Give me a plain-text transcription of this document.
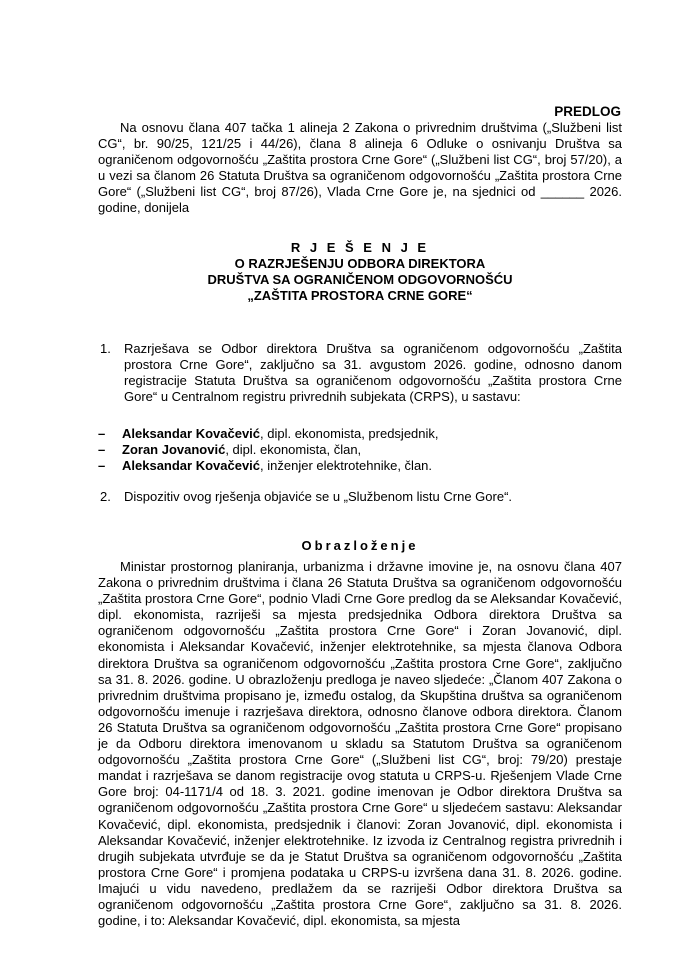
PREDLOG

Na osnovu člana 407 tačka 1 alineja 2 Zakona o privrednim društvima („Službeni list CG“, br. 90/25, 121/25 i 44/26), člana 8 alineja 6 Odluke o osnivanju Društva sa ograničenom odgovornošću „Zaštita prostora Crne Gore“ („Službeni list CG“, broj 57/20), a u vezi sa članom 26 Statuta Društva sa ograničenom odgovornošću „Zaštita prostora Crne Gore“ („Službeni list CG“, broj 87/26), Vlada Crne Gore je, na sjednici od ______ 2026. godine, donijela

R J E Š E N J E
O RAZRJEŠENJU ODBORA DIREKTORA
DRUŠTVA SA OGRANIČENOM ODGOVORNOŠĆU
„ZAŠTITA PROSTORA CRNE GORE“
1. Razrješava se Odbor direktora Društva sa ograničenom odgovornošću „Zaštita prostora Crne Gore“, zaključno sa 31. avgustom 2026. godine, odnosno danom registracije Statuta Društva sa ograničenom odgovornošću „Zaštita prostora Crne Gore“ u Centralnom registru privrednih subjekata (CRPS), u sastavu:
– Aleksandar Kovačević, dipl. ekonomista, predsjednik,
– Zoran Jovanović, dipl. ekonomista, član,
– Aleksandar Kovačević, inženjer elektrotehnike, član.
2. Dispozitiv ovog rješenja objaviće se u „Službenom listu Crne Gore“.
Obrazloženje

Ministar prostornog planiranja, urbanizma i državne imovine je, na osnovu člana 407 Zakona o privrednim društvima i člana 26 Statuta Društva sa ograničenom odgovornošću „Zaštita prostora Crne Gore“, podnio Vladi Crne Gore predlog da se Aleksandar Kovačević, dipl. ekonomista, razriješi sa mjesta predsjednika Odbora direktora Društva sa ograničenom odgovornošću „Zaštita prostora Crne Gore“ i Zoran Jovanović, dipl. ekonomista i Aleksandar Kovačević, inženjer elektrotehnike, sa mjesta članova Odbora direktora Društva sa ograničenom odgovornošću „Zaštita prostora Crne Gore“, zaključno sa 31. 8. 2026. godine. U obrazloženju predloga je naveo sljedeće: „Članom 407 Zakona o privrednim društvima propisano je, između ostalog, da Skupština društva sa ograničenom odgovornošću imenuje i razrješava direktora, odnosno članove odbora direktora. Članom 26 Statuta Društva sa ograničenom odgovornošću „Zaštita prostora Crne Gore“ propisano je da Odboru direktora imenovanom u skladu sa Statutom Društva sa ograničenom odgovornošću „Zaštita prostora Crne Gore“ („Službeni list CG“, broj: 79/20) prestaje mandat i razrješava se danom registracije ovog statuta u CRPS-u. Rješenjem Vlade Crne Gore broj: 04-1171/4 od 18. 3. 2021. godine imenovan je Odbor direktora Društva sa ograničenom odgovornošću „Zaštita prostora Crne Gore“ u sljedećem sastavu: Aleksandar Kovačević, dipl. ekonomista, predsjednik i članovi: Zoran Jovanović, dipl. ekonomista i Aleksandar Kovačević, inženjer elektrotehnike. Iz izvoda iz Centralnog registra privrednih i drugih subjekata utvrđuje se da je Statut Društva sa ograničenom odgovornošću „Zaštita prostora Crne Gore“ i promjena podataka u CRPS-u izvršena dana 31. 8. 2026. godine. Imajući u vidu navedeno, predlažem da se razriješi Odbor direktora Društva sa ograničenom odgovornošću „Zaštita prostora Crne Gore“, zaključno sa 31. 8. 2026. godine, i to: Aleksandar Kovačević, dipl. ekonomista, sa mjesta
